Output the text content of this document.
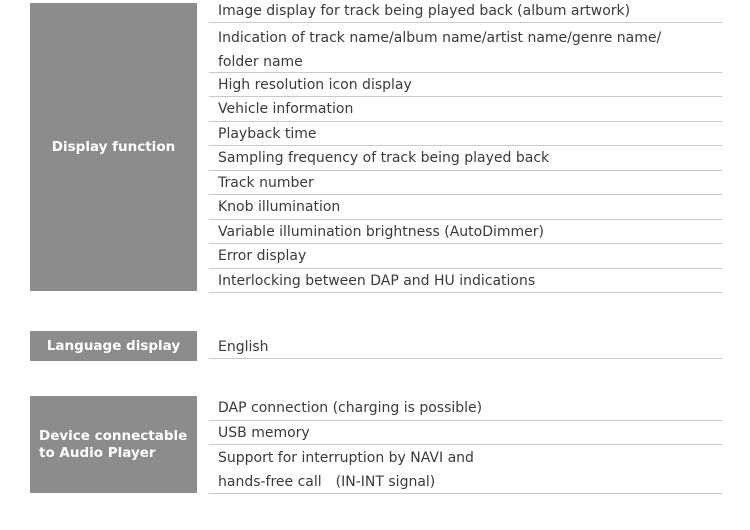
Display function
Image display for track being played back (album artwork)
Indication of track name/album name/artist name/genre name/
folder name
High resolution icon display
Vehicle information
Playback time
Sampling frequency of track being played back
Track number
Knob illumination
Variable illumination brightness (AutoDimmer)
Error display
Interlocking between DAP and HU indications
Language display	English
Device connectable to Audio Player
DAP connection (charging is possible)
USB memory
Support for interruption by NAVI and
hands-free call　(IN-INT signal)
